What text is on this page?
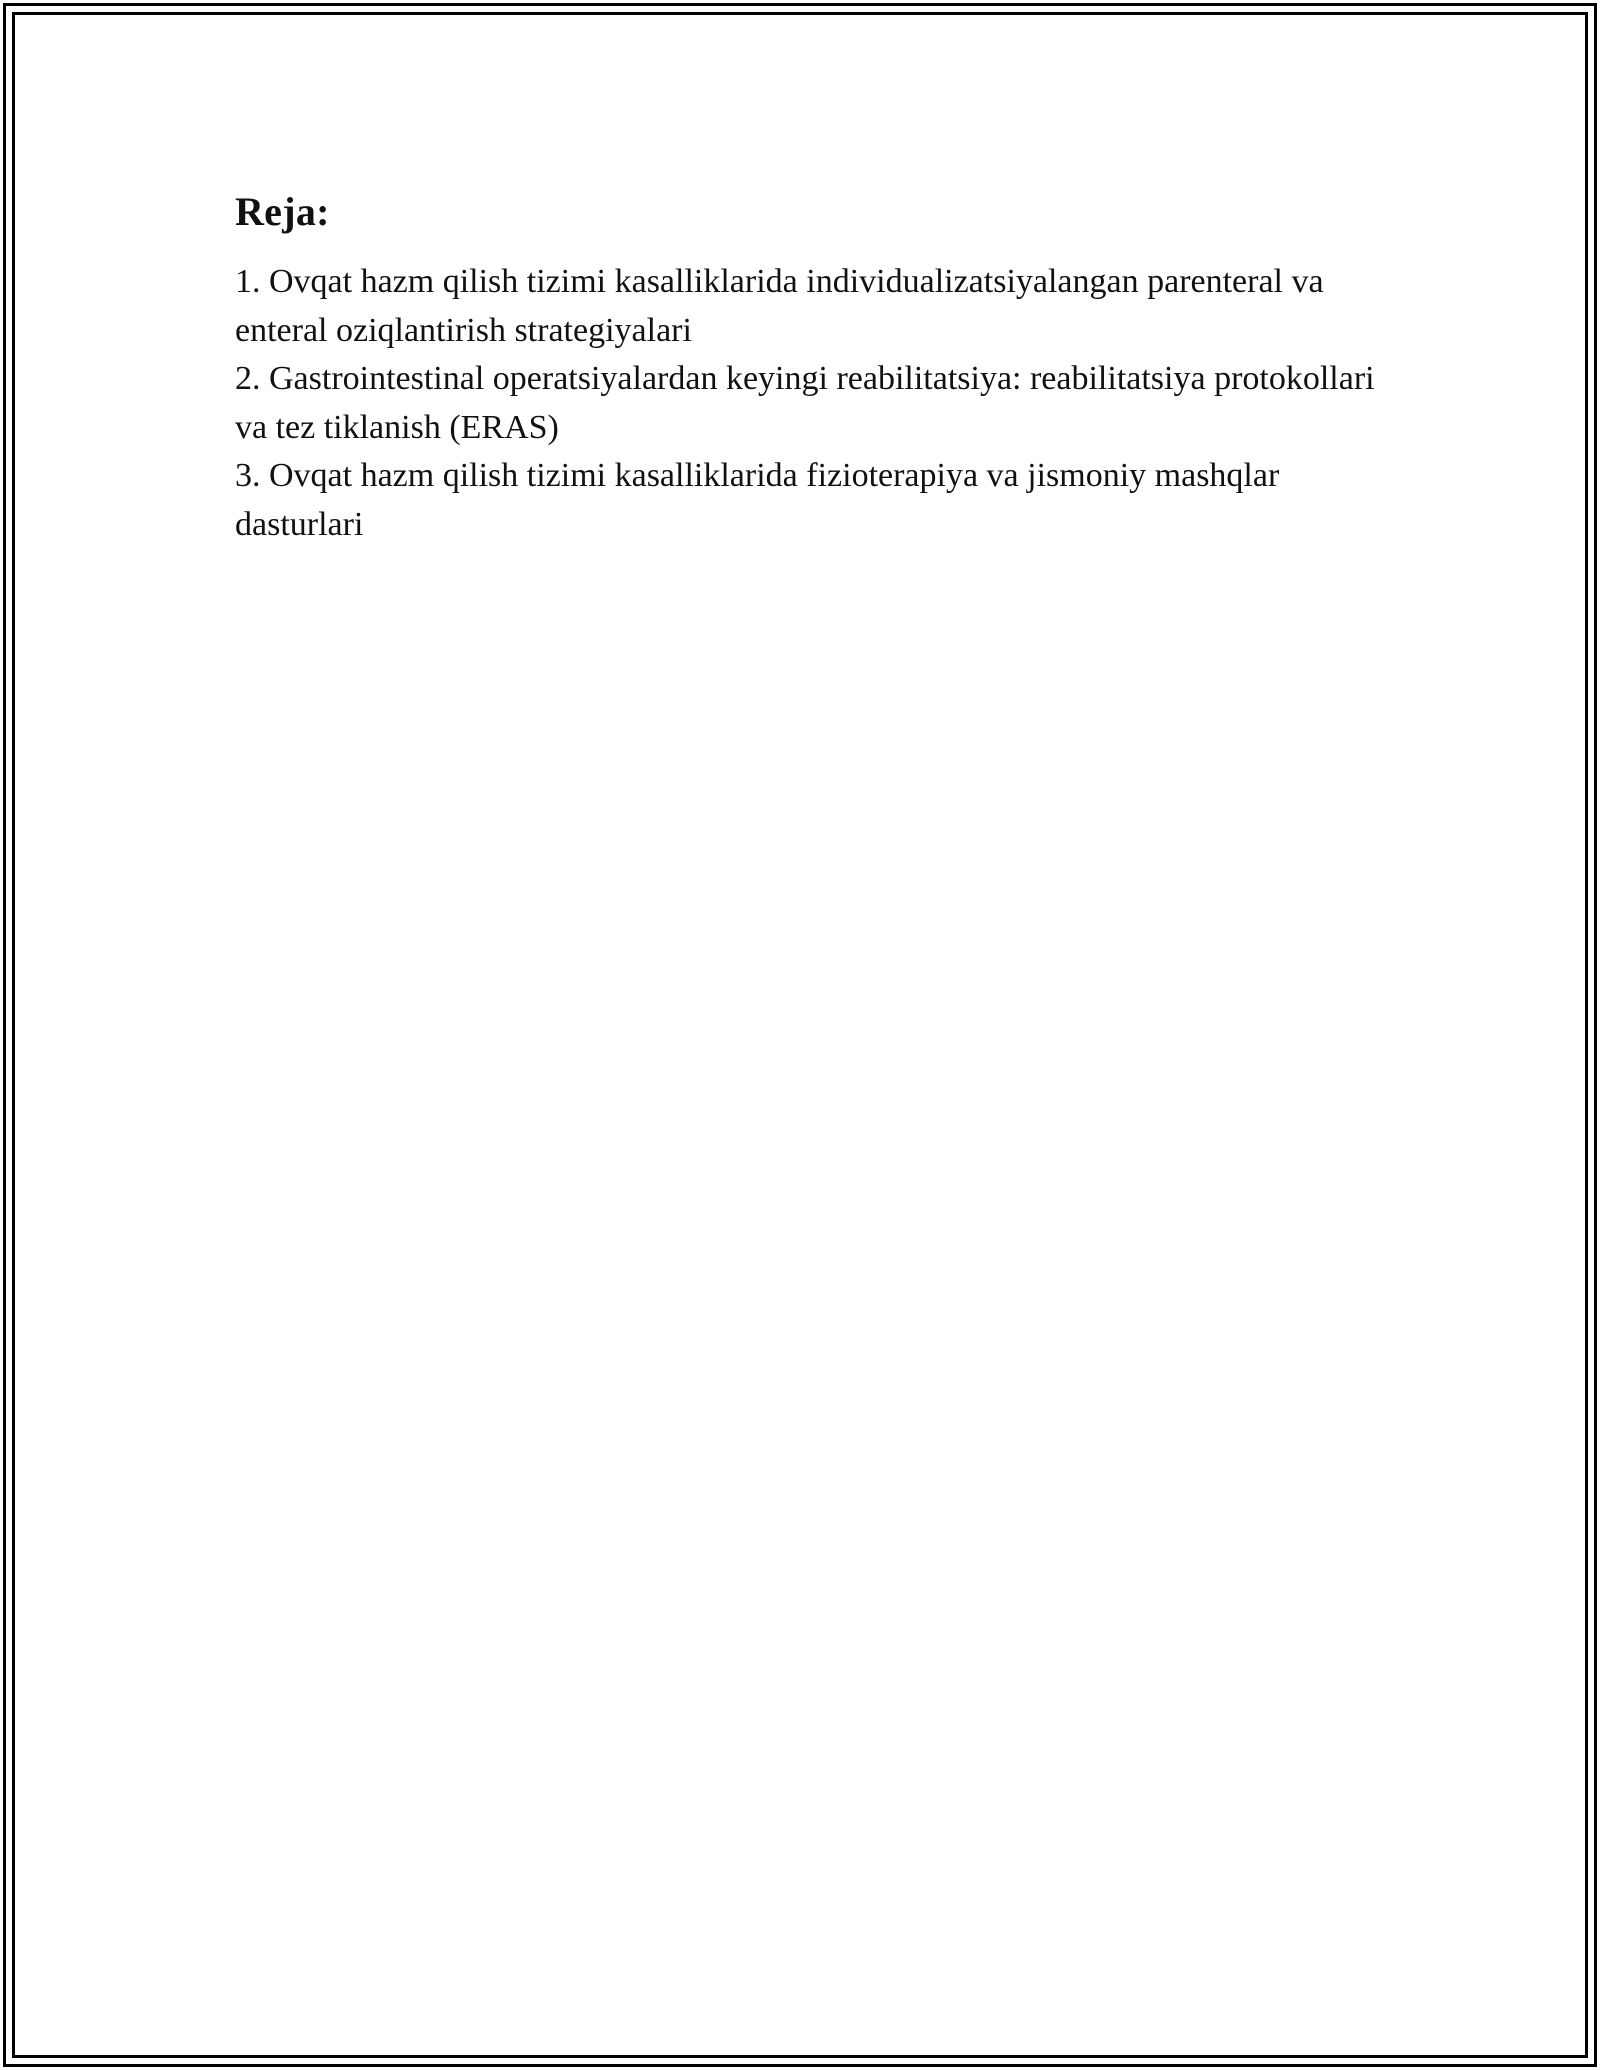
Reja:
1. Ovqat hazm qilish tizimi kasalliklarida individualizatsiyalangan parenteral va enteral oziqlantirish strategiyalari
2. Gastrointestinal operatsiyalardan keyingi reabilitatsiya: reabilitatsiya protokollari va tez tiklanish (ERAS)
3. Ovqat hazm qilish tizimi kasalliklarida fizioterapiya va jismoniy mashqlar dasturlari
